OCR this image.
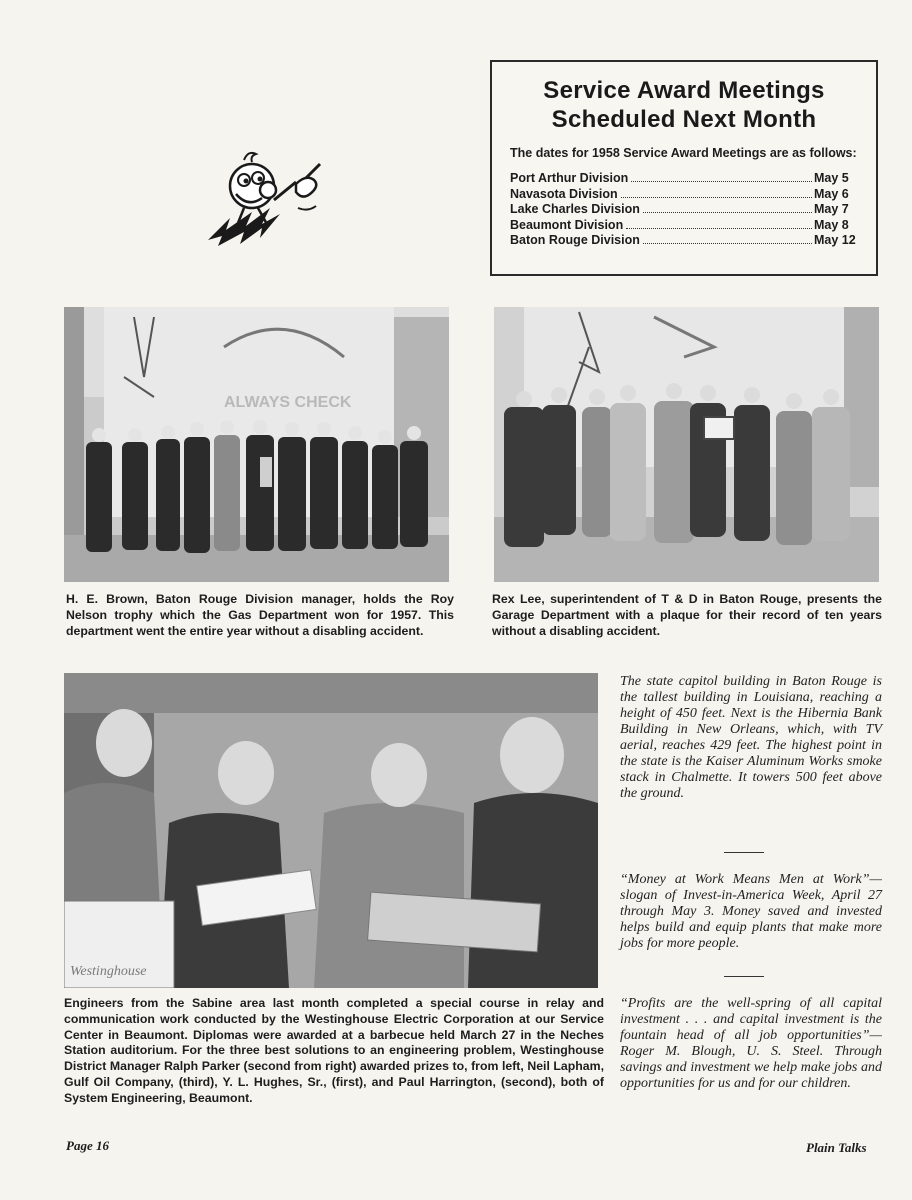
Service Award Meetings
Scheduled Next Month
The dates for 1958 Service Award Meetings are as follows:
Port Arthur Division	May 5
Navasota Division	May 6
Lake Charles Division	May 7
Beaumont Division	May 8
Baton Rouge Division	May 12
ALWAYS CHECK
Westinghouse
H. E. Brown, Baton Rouge Division manager, holds the Roy Nelson trophy which the Gas Department won for 1957. This department went the entire year without a disabling accident.
Rex Lee, superintendent of T & D in Baton Rouge, presents the Garage Department with a plaque for their record of ten years without a disabling accident.
Engineers from the Sabine area last month completed a special course in relay and communication work conducted by the Westinghouse Electric Corporation at our Service Center in Beaumont. Diplomas were awarded at a barbecue held March 27 in the Neches Station auditorium. For the three best solutions to an engineering problem, Westinghouse District Manager Ralph Parker (second from right) awarded prizes to, from left, Neil Lapham, Gulf Oil Company, (third), Y. L. Hughes, Sr., (first), and Paul Harrington, (second), both of System Engineering, Beaumont.
The state capitol building in Baton Rouge is the tallest building in Louisiana, reaching a height of 450 feet. Next is the Hibernia Bank Building in New Orleans, which, with TV aerial, reaches 429 feet. The highest point in the state is the Kaiser Aluminum Works smoke stack in Chalmette. It towers 500 feet above the ground.
“Money at Work Means Men at Work”—slogan of Invest-in-America Week, April 27 through May 3. Money saved and invested helps build and equip plants that make more jobs for more people.
“Profits are the well-spring of all capital investment . . . and capital investment is the fountain head of all job opportunities”—Roger M. Blough, U. S. Steel. Through savings and investment we help make jobs and opportunities for us and for our children.
Page 16	Plain Talks
